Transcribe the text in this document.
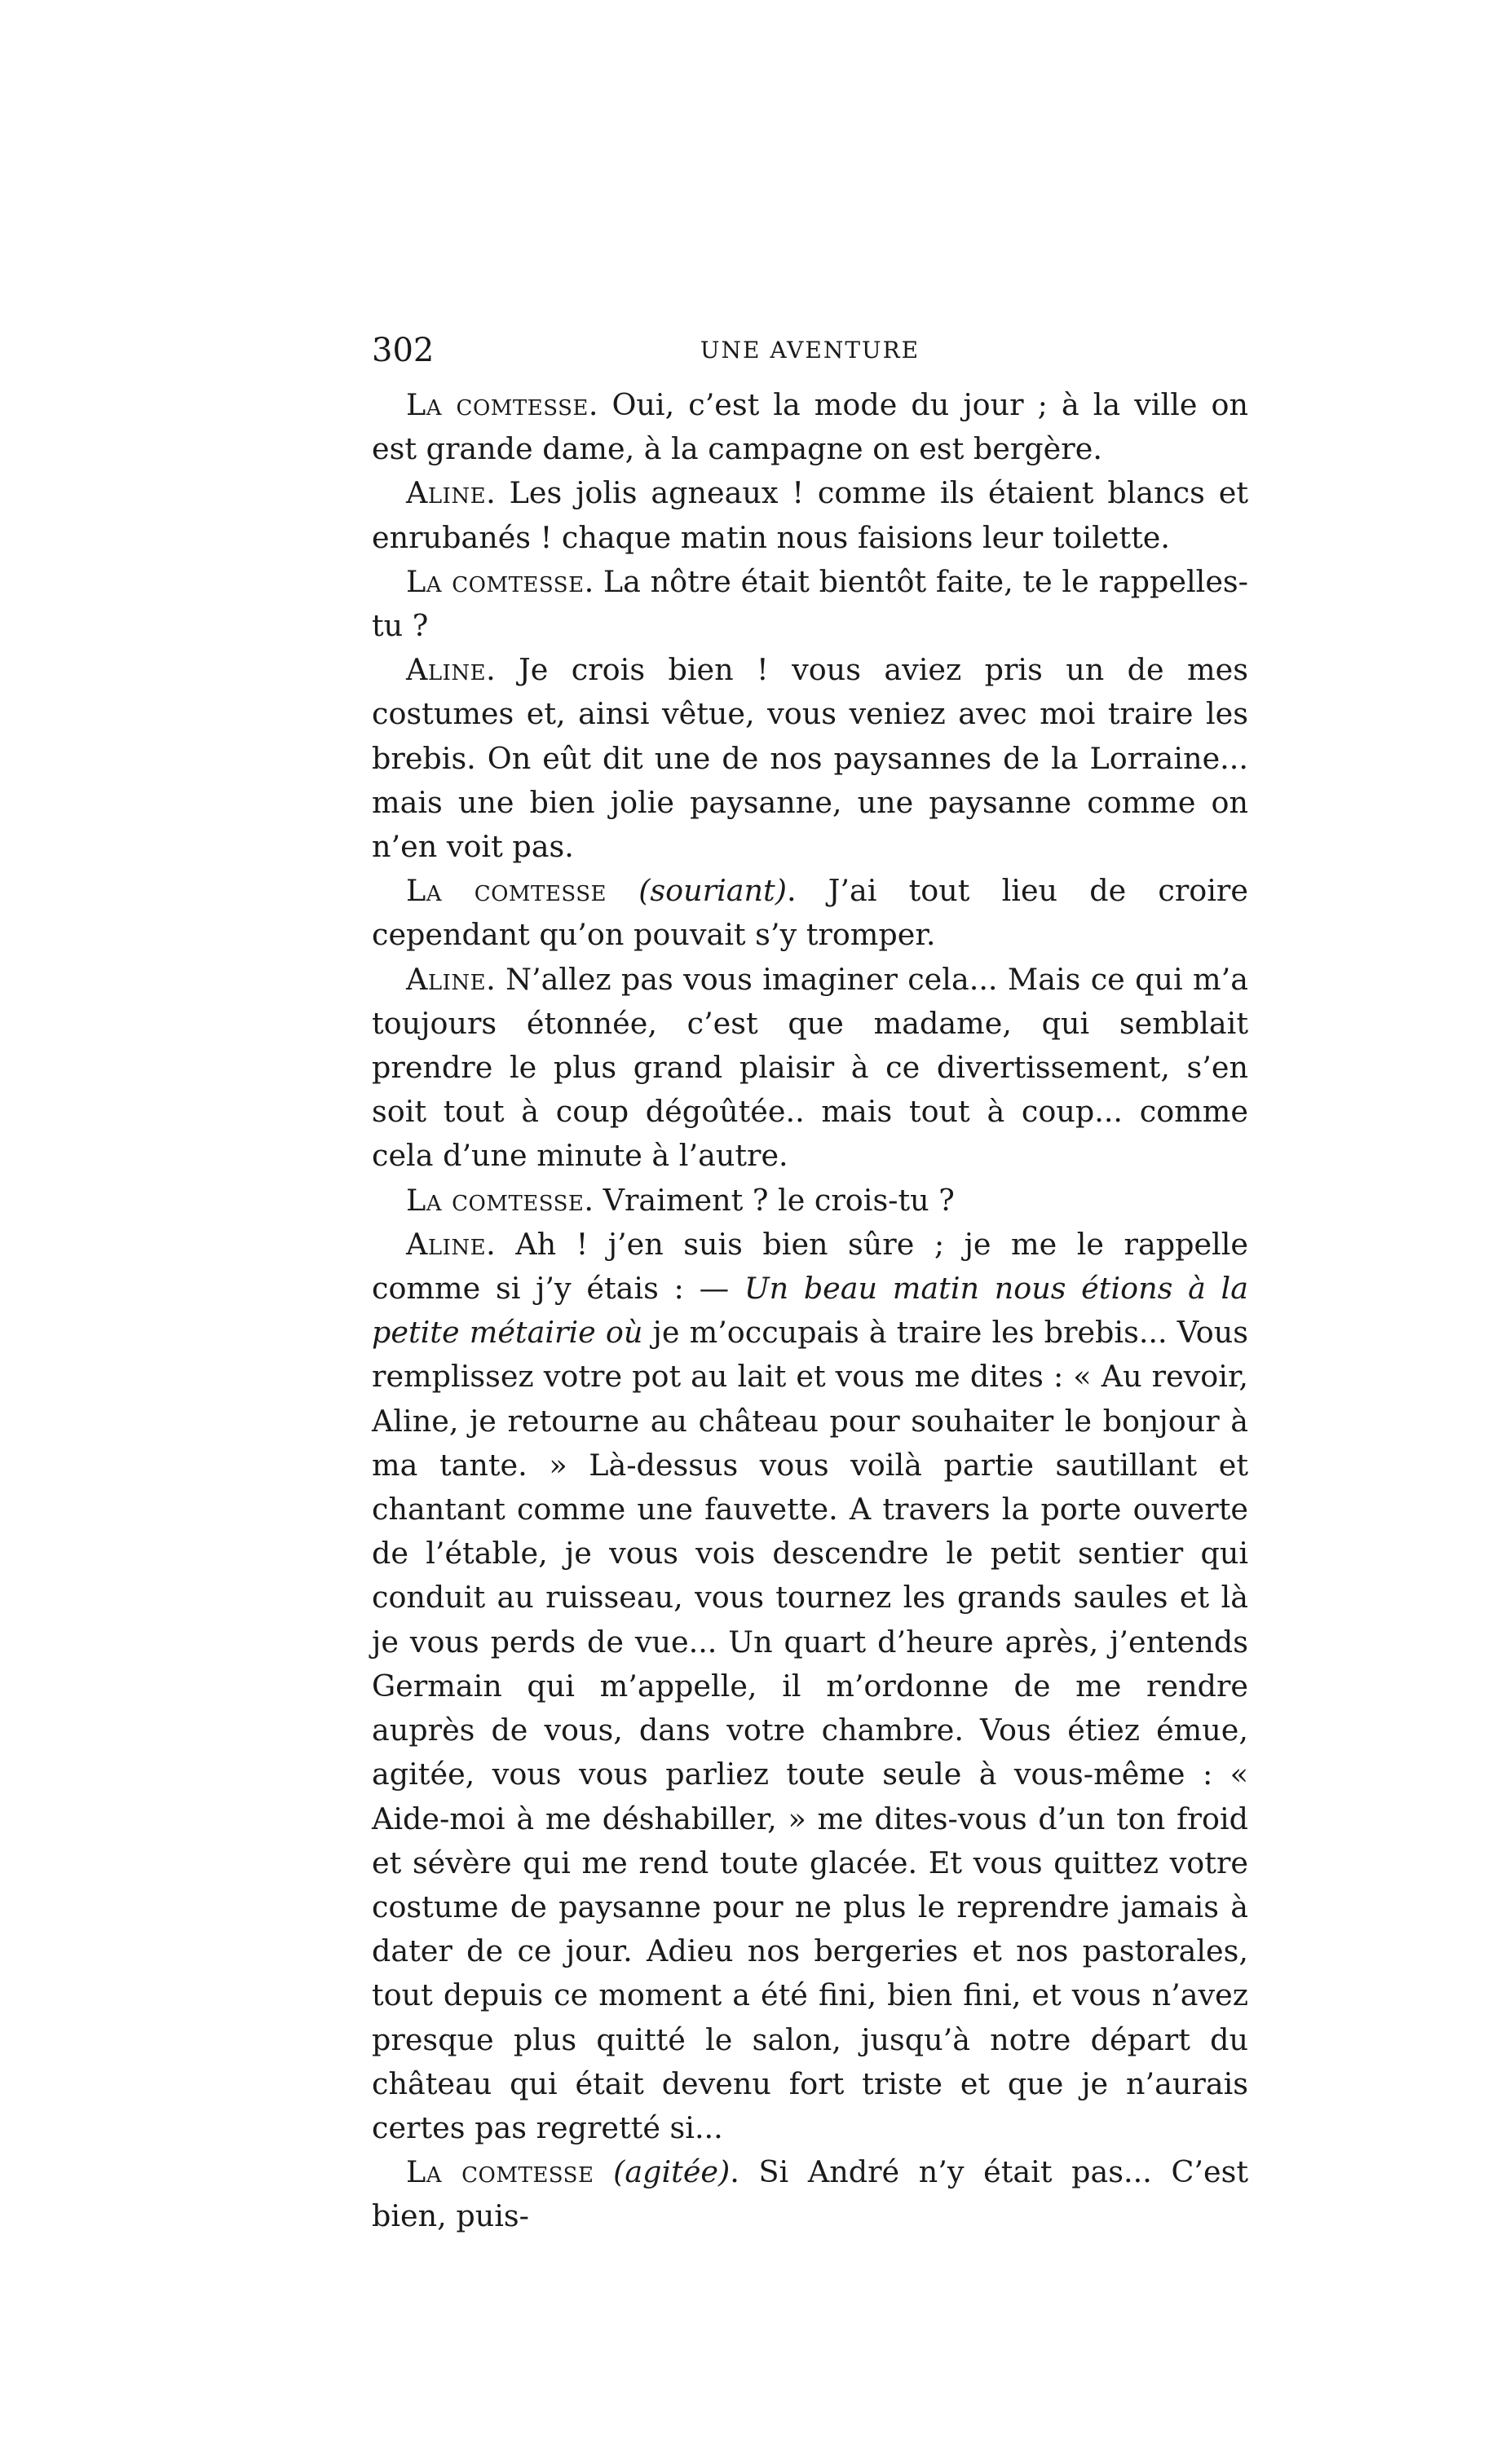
302	UNE AVENTURE

La comtesse. Oui, c’est la mode du jour ; à la ville on est grande dame, à la campagne on est bergère.

Aline. Les jolis agneaux ! comme ils étaient blancs et enrubanés ! chaque matin nous faisions leur toilette.

La comtesse. La nôtre était bientôt faite, te le rappelles-tu ?

Aline. Je crois bien ! vous aviez pris un de mes costumes et, ainsi vêtue, vous veniez avec moi traire les brebis. On eût dit une de nos paysannes de la Lorraine... mais une bien jolie paysanne, une paysanne comme on n’en voit pas.

La comtesse (souriant). J’ai tout lieu de croire cependant qu’on pouvait s’y tromper.

Aline. N’allez pas vous imaginer cela... Mais ce qui m’a toujours étonnée, c’est que madame, qui semblait prendre le plus grand plaisir à ce divertissement, s’en soit tout à coup dégoûtée.. mais tout à coup... comme cela d’une minute à l’autre.

La comtesse. Vraiment ? le crois-tu ?

Aline. Ah ! j’en suis bien sûre ; je me le rappelle comme si j’y étais : — Un beau matin nous étions à la petite métairie où je m’occupais à traire les brebis... Vous remplissez votre pot au lait et vous me dites : « Au revoir, Aline, je retourne au château pour souhaiter le bonjour à ma tante. » Là-dessus vous voilà partie sautillant et chantant comme une fauvette. A travers la porte ouverte de l’étable, je vous vois descendre le petit sentier qui conduit au ruisseau, vous tournez les grands saules et là je vous perds de vue... Un quart d’heure après, j’entends Germain qui m’appelle, il m’ordonne de me rendre auprès de vous, dans votre chambre. Vous étiez émue, agitée, vous vous parliez toute seule à vous-même : « Aide-moi à me déshabiller, » me dites-vous d’un ton froid et sévère qui me rend toute glacée. Et vous quittez votre costume de paysanne pour ne plus le reprendre jamais à dater de ce jour. Adieu nos bergeries et nos pastorales, tout depuis ce moment a été fini, bien fini, et vous n’avez presque plus quitté le salon, jusqu’à notre départ du château qui était devenu fort triste et que je n’aurais certes pas regretté si...

La comtesse (agitée). Si André n’y était pas... C’est bien, puis-
